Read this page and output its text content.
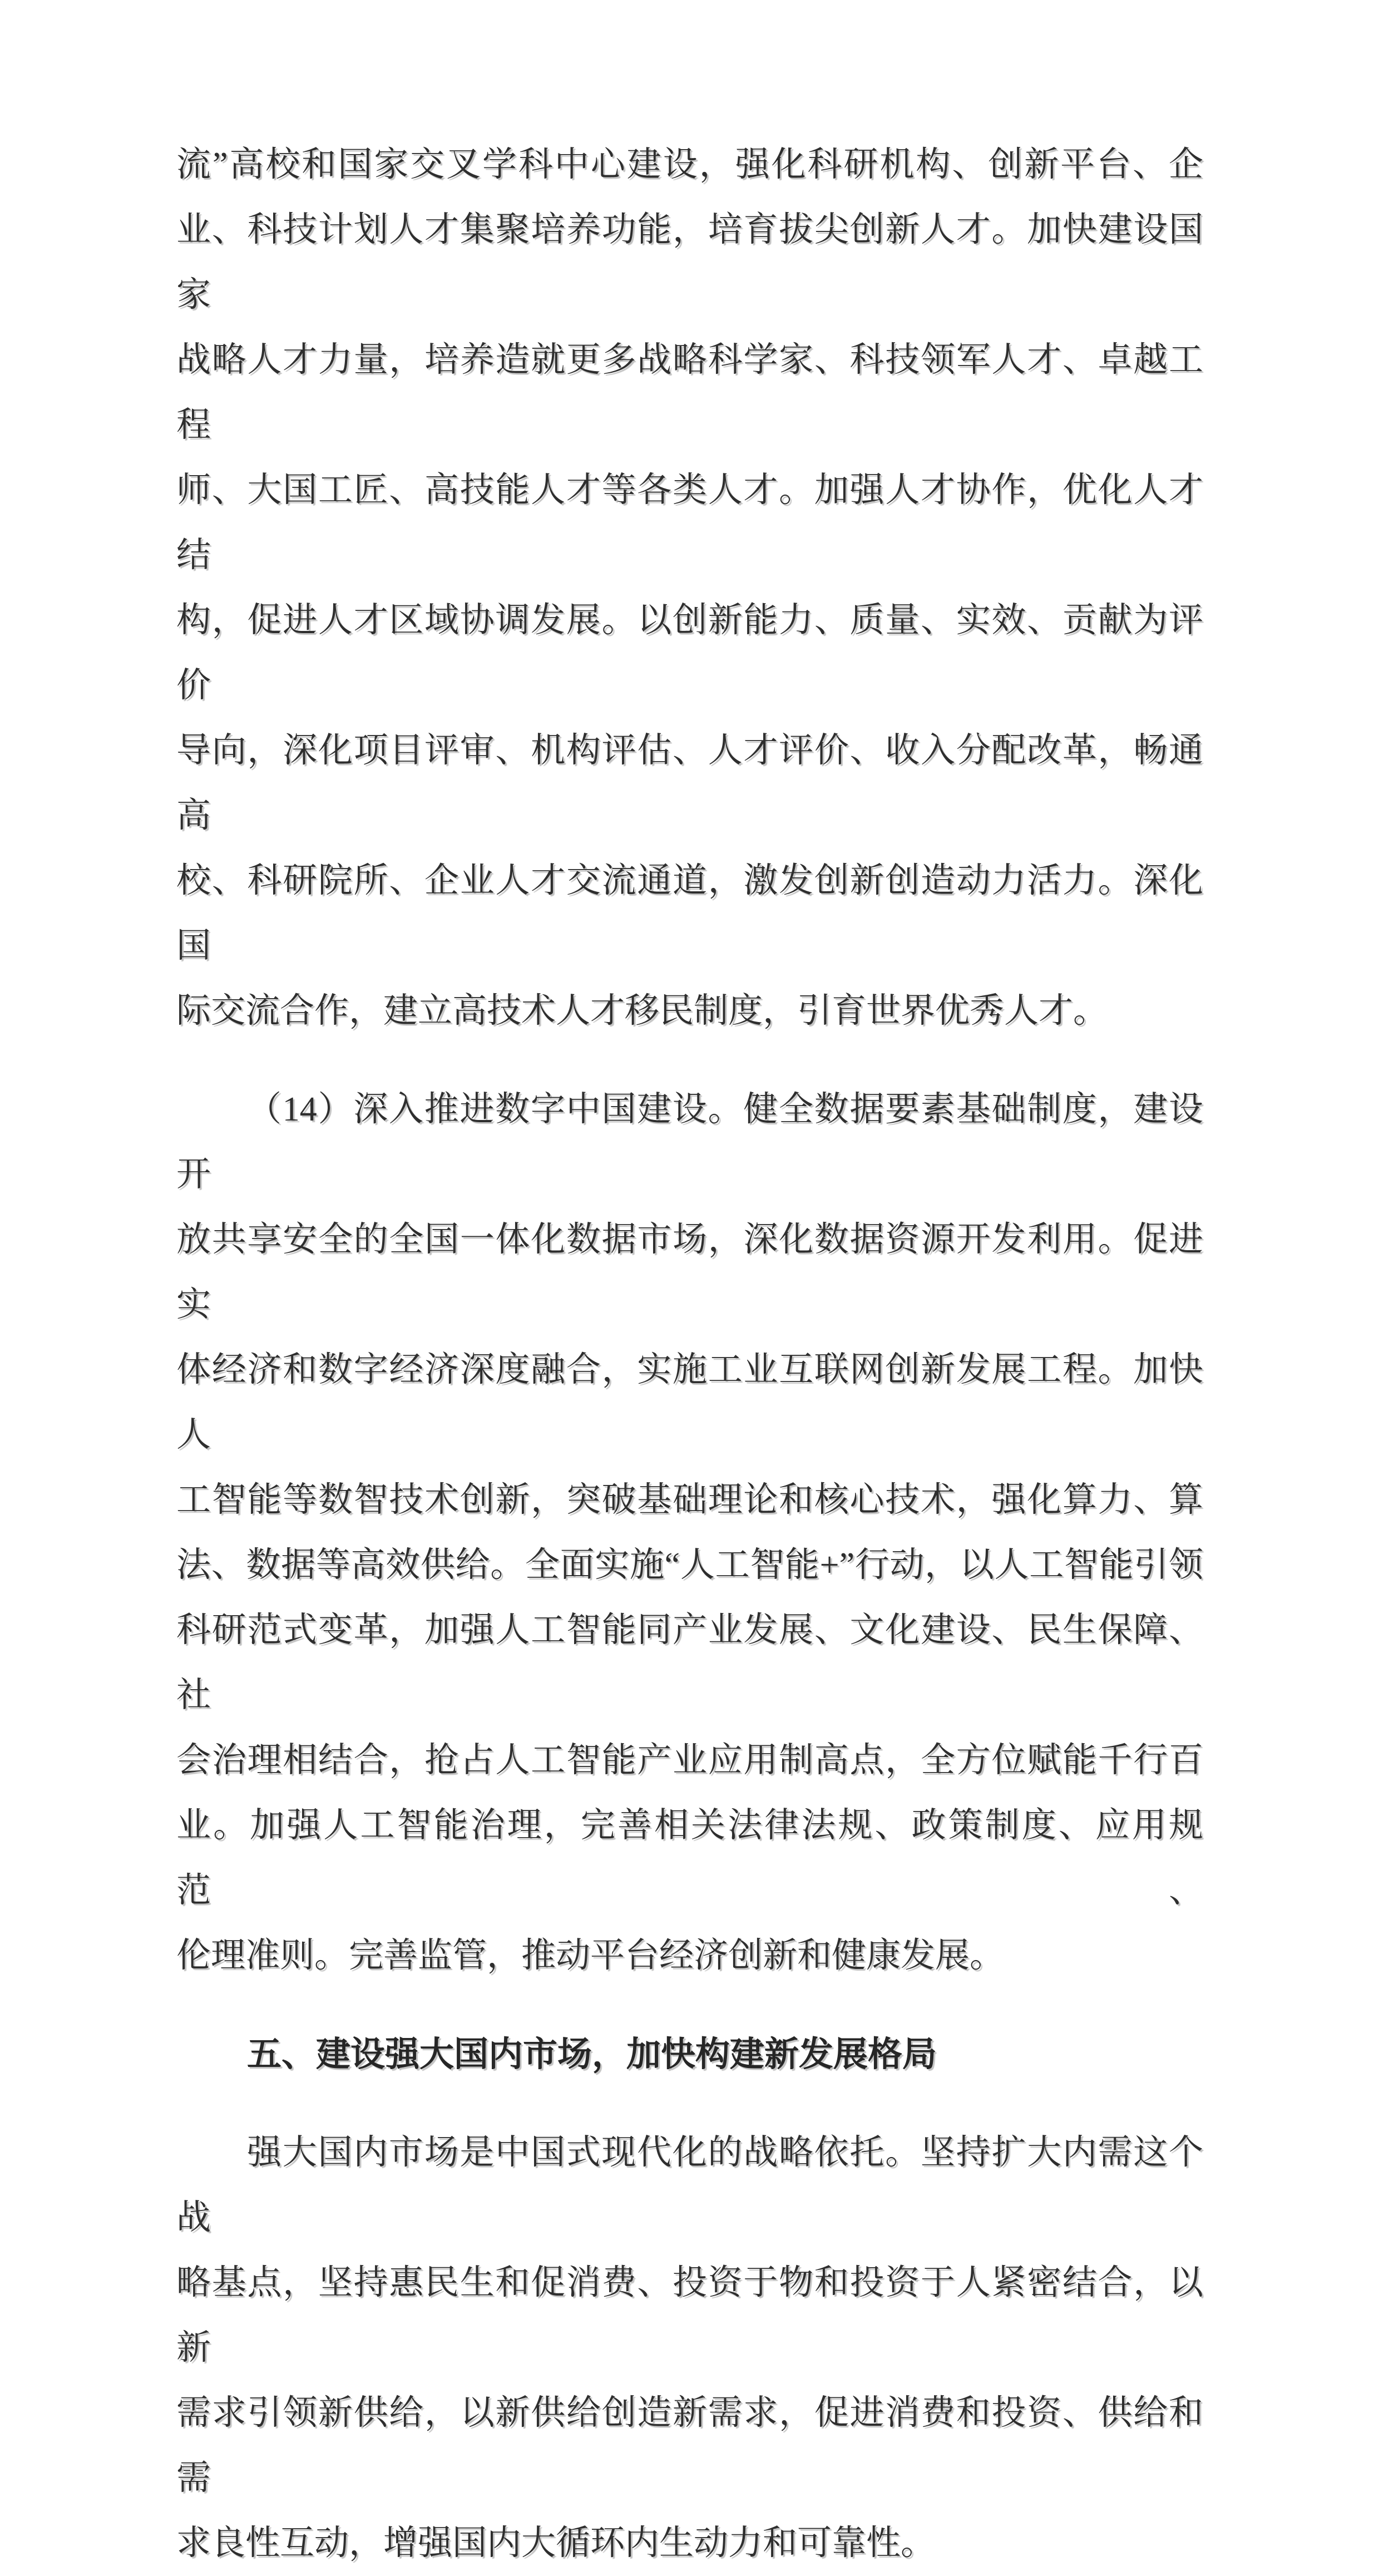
流”高校和国家交叉学科中心建设，强化科研机构、创新平台、企
业、科技计划人才集聚培养功能，培育拔尖创新人才。加快建设国家
战略人才力量，培养造就更多战略科学家、科技领军人才、卓越工程
师、大国工匠、高技能人才等各类人才。加强人才协作，优化人才结
构，促进人才区域协调发展。以创新能力、质量、实效、贡献为评价
导向，深化项目评审、机构评估、人才评价、收入分配改革，畅通高
校、科研院所、企业人才交流通道，激发创新创造动力活力。深化国
际交流合作，建立高技术人才移民制度，引育世界优秀人才。
（14）深入推进数字中国建设。健全数据要素基础制度，建设开
放共享安全的全国一体化数据市场，深化数据资源开发利用。促进实
体经济和数字经济深度融合，实施工业互联网创新发展工程。加快人
工智能等数智技术创新，突破基础理论和核心技术，强化算力、算
法、数据等高效供给。全面实施“人工智能+”行动，以人工智能引领
科研范式变革，加强人工智能同产业发展、文化建设、民生保障、社
会治理相结合，抢占人工智能产业应用制高点，全方位赋能千行百
业。加强人工智能治理，完善相关法律法规、政策制度、应用规范、
伦理准则。完善监管，推动平台经济创新和健康发展。
五、建设强大国内市场，加快构建新发展格局
强大国内市场是中国式现代化的战略依托。坚持扩大内需这个战
略基点，坚持惠民生和促消费、投资于物和投资于人紧密结合，以新
需求引领新供给，以新供给创造新需求，促进消费和投资、供给和需
求良性互动，增强国内大循环内生动力和可靠性。
